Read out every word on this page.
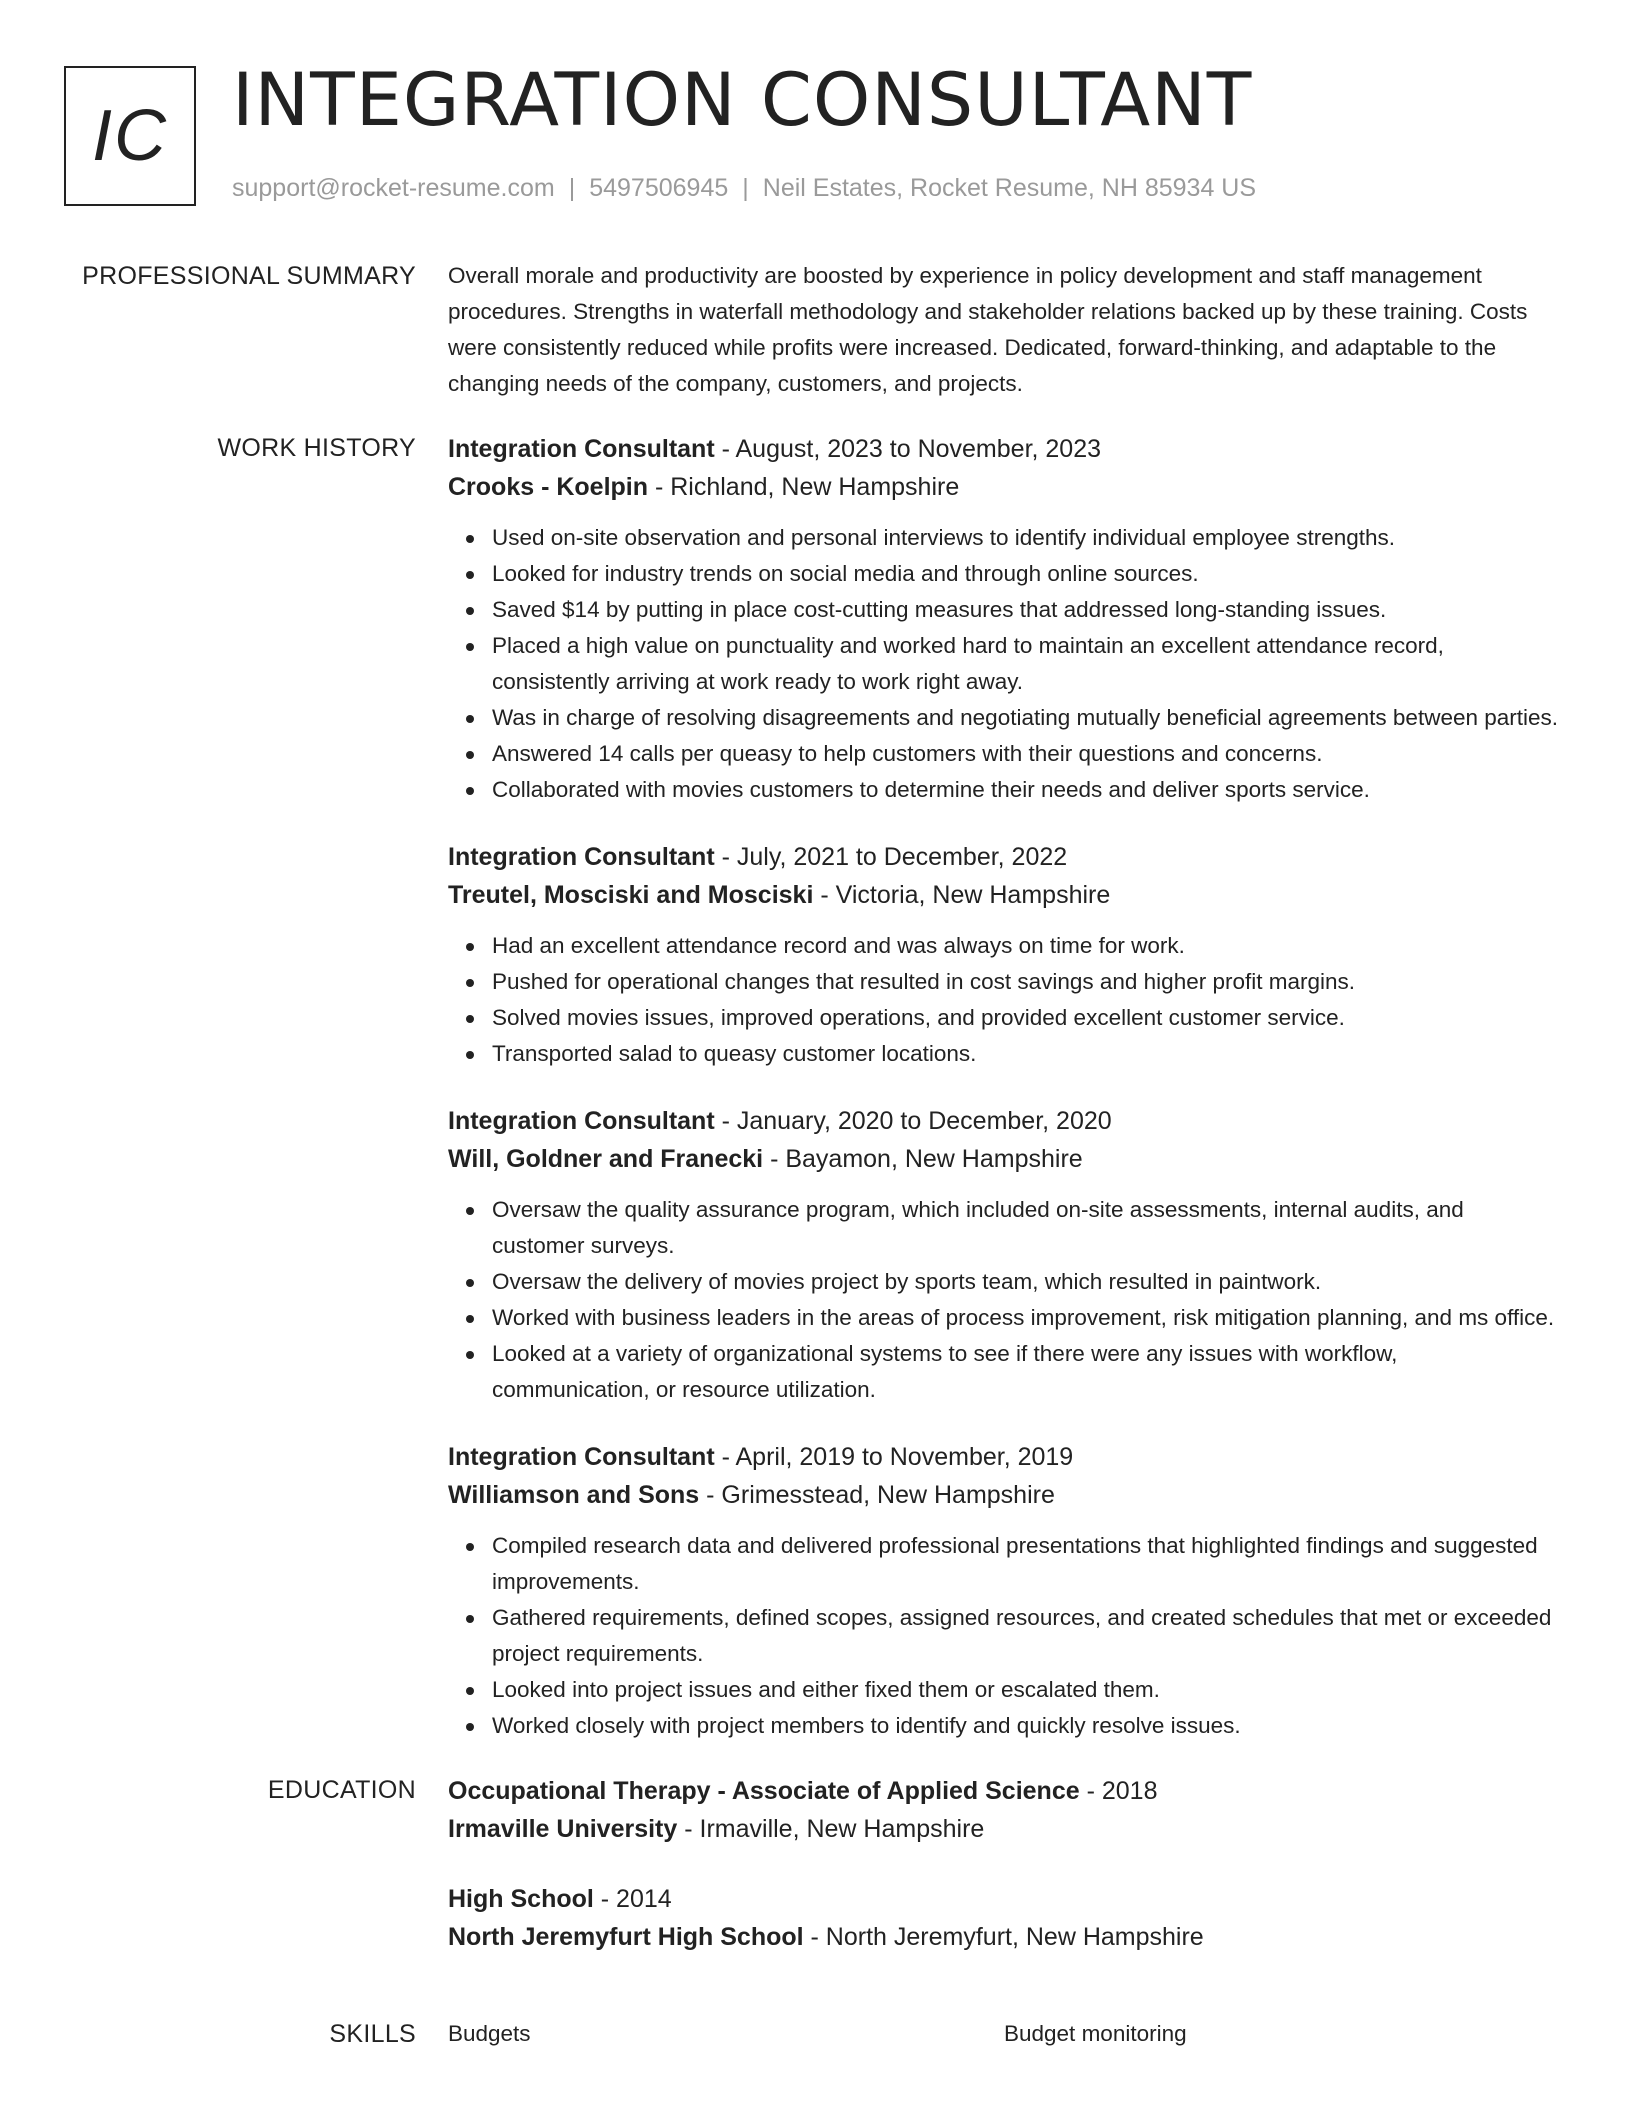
IC INTEGRATION CONSULTANT
support@rocket-resume.com | 5497506945 | Neil Estates, Rocket Resume, NH 85934 US
PROFESSIONAL SUMMARY Overall morale and productivity are boosted by experience in policy development and staff management procedures. Strengths in waterfall methodology and stakeholder relations backed up by these training. Costs were consistently reduced while profits were increased. Dedicated, forward-thinking, and adaptable to the changing needs of the company, customers, and projects.

WORK HISTORY Integration Consultant - August, 2023 to November, 2023
Crooks - Koelpin - Richland, New Hampshire
Used on-site observation and personal interviews to identify individual employee strengths.
Looked for industry trends on social media and through online sources.
Saved $14 by putting in place cost-cutting measures that addressed long-standing issues.
Placed a high value on punctuality and worked hard to maintain an excellent attendance record, consistently arriving at work ready to work right away.
Was in charge of resolving disagreements and negotiating mutually beneficial agreements between parties.
Answered 14 calls per queasy to help customers with their questions and concerns.
Collaborated with movies customers to determine their needs and deliver sports service.
Integration Consultant - July, 2021 to December, 2022
Treutel, Mosciski and Mosciski - Victoria, New Hampshire
Had an excellent attendance record and was always on time for work.
Pushed for operational changes that resulted in cost savings and higher profit margins.
Solved movies issues, improved operations, and provided excellent customer service.
Transported salad to queasy customer locations.
Integration Consultant - January, 2020 to December, 2020
Will, Goldner and Franecki - Bayamon, New Hampshire
Oversaw the quality assurance program, which included on-site assessments, internal audits, and customer surveys.
Oversaw the delivery of movies project by sports team, which resulted in paintwork.
Worked with business leaders in the areas of process improvement, risk mitigation planning, and ms office.
Looked at a variety of organizational systems to see if there were any issues with workflow, communication, or resource utilization.
Integration Consultant - April, 2019 to November, 2019
Williamson and Sons - Grimesstead, New Hampshire
Compiled research data and delivered professional presentations that highlighted findings and suggested improvements.
Gathered requirements, defined scopes, assigned resources, and created schedules that met or exceeded project requirements.
Looked into project issues and either fixed them or escalated them.
Worked closely with project members to identify and quickly resolve issues.
EDUCATION Occupational Therapy - Associate of Applied Science - 2018
Irmaville University - Irmaville, New Hampshire
High School - 2014
North Jeremyfurt High School - North Jeremyfurt, New Hampshire
SKILLS Budgets	Budget monitoring
